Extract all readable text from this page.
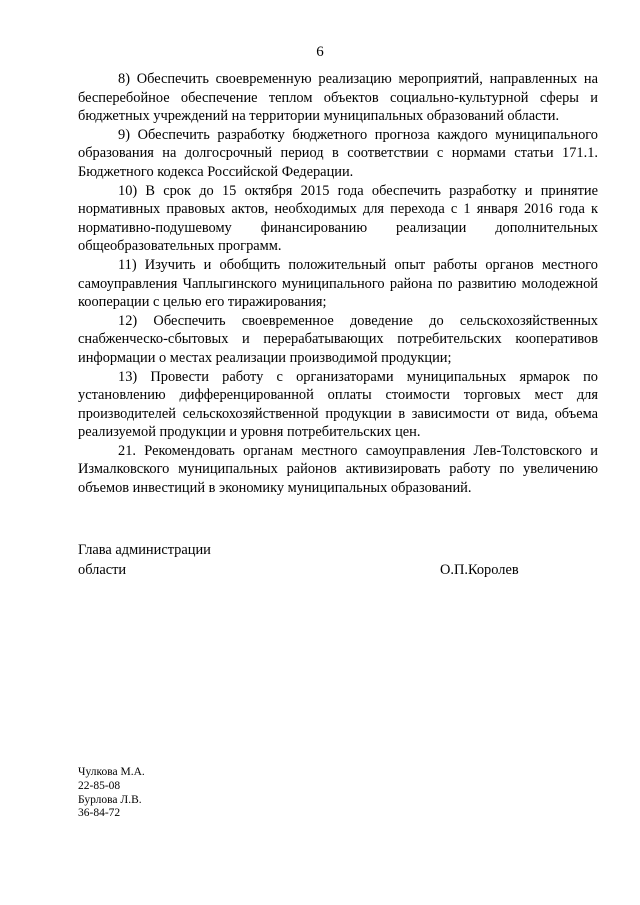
6

8) Обеспечить своевременную реализацию мероприятий, направленных на бесперебойное обеспечение теплом объектов социально-культурной сферы и бюджетных учреждений на территории муниципальных образований области.

9) Обеспечить разработку бюджетного прогноза каждого муниципального образования на долгосрочный период в соответствии с нормами статьи 171.1. Бюджетного кодекса Российской Федерации.

10) В срок до 15 октября 2015 года обеспечить разработку и принятие нормативных правовых актов, необходимых для перехода с 1 января 2016 года к нормативно-подушевому финансированию реализации дополнительных общеобразовательных программ.

11) Изучить и обобщить положительный опыт работы органов местного самоуправления Чаплыгинского муниципального района по развитию молодежной кооперации с целью его тиражирования;

12) Обеспечить своевременное доведение до сельскохозяйственных снабженческо-сбытовых и перерабатывающих потребительских кооперативов информации о местах реализации производимой продукции;

13) Провести работу с организаторами муниципальных ярмарок по установлению дифференцированной оплаты стоимости торговых мест для производителей сельскохозяйственной продукции в зависимости от вида, объема реализуемой продукции и уровня потребительских цен.

21. Рекомендовать органам местного самоуправления Лев-Толстовского и Измалковского муниципальных районов активизировать работу по увеличению объемов инвестиций в экономику муниципальных образований.

Глава администрации
области	О.П.Королев
Чулкова М.А.
22-85-08
Бурлова Л.В.
36-84-72
